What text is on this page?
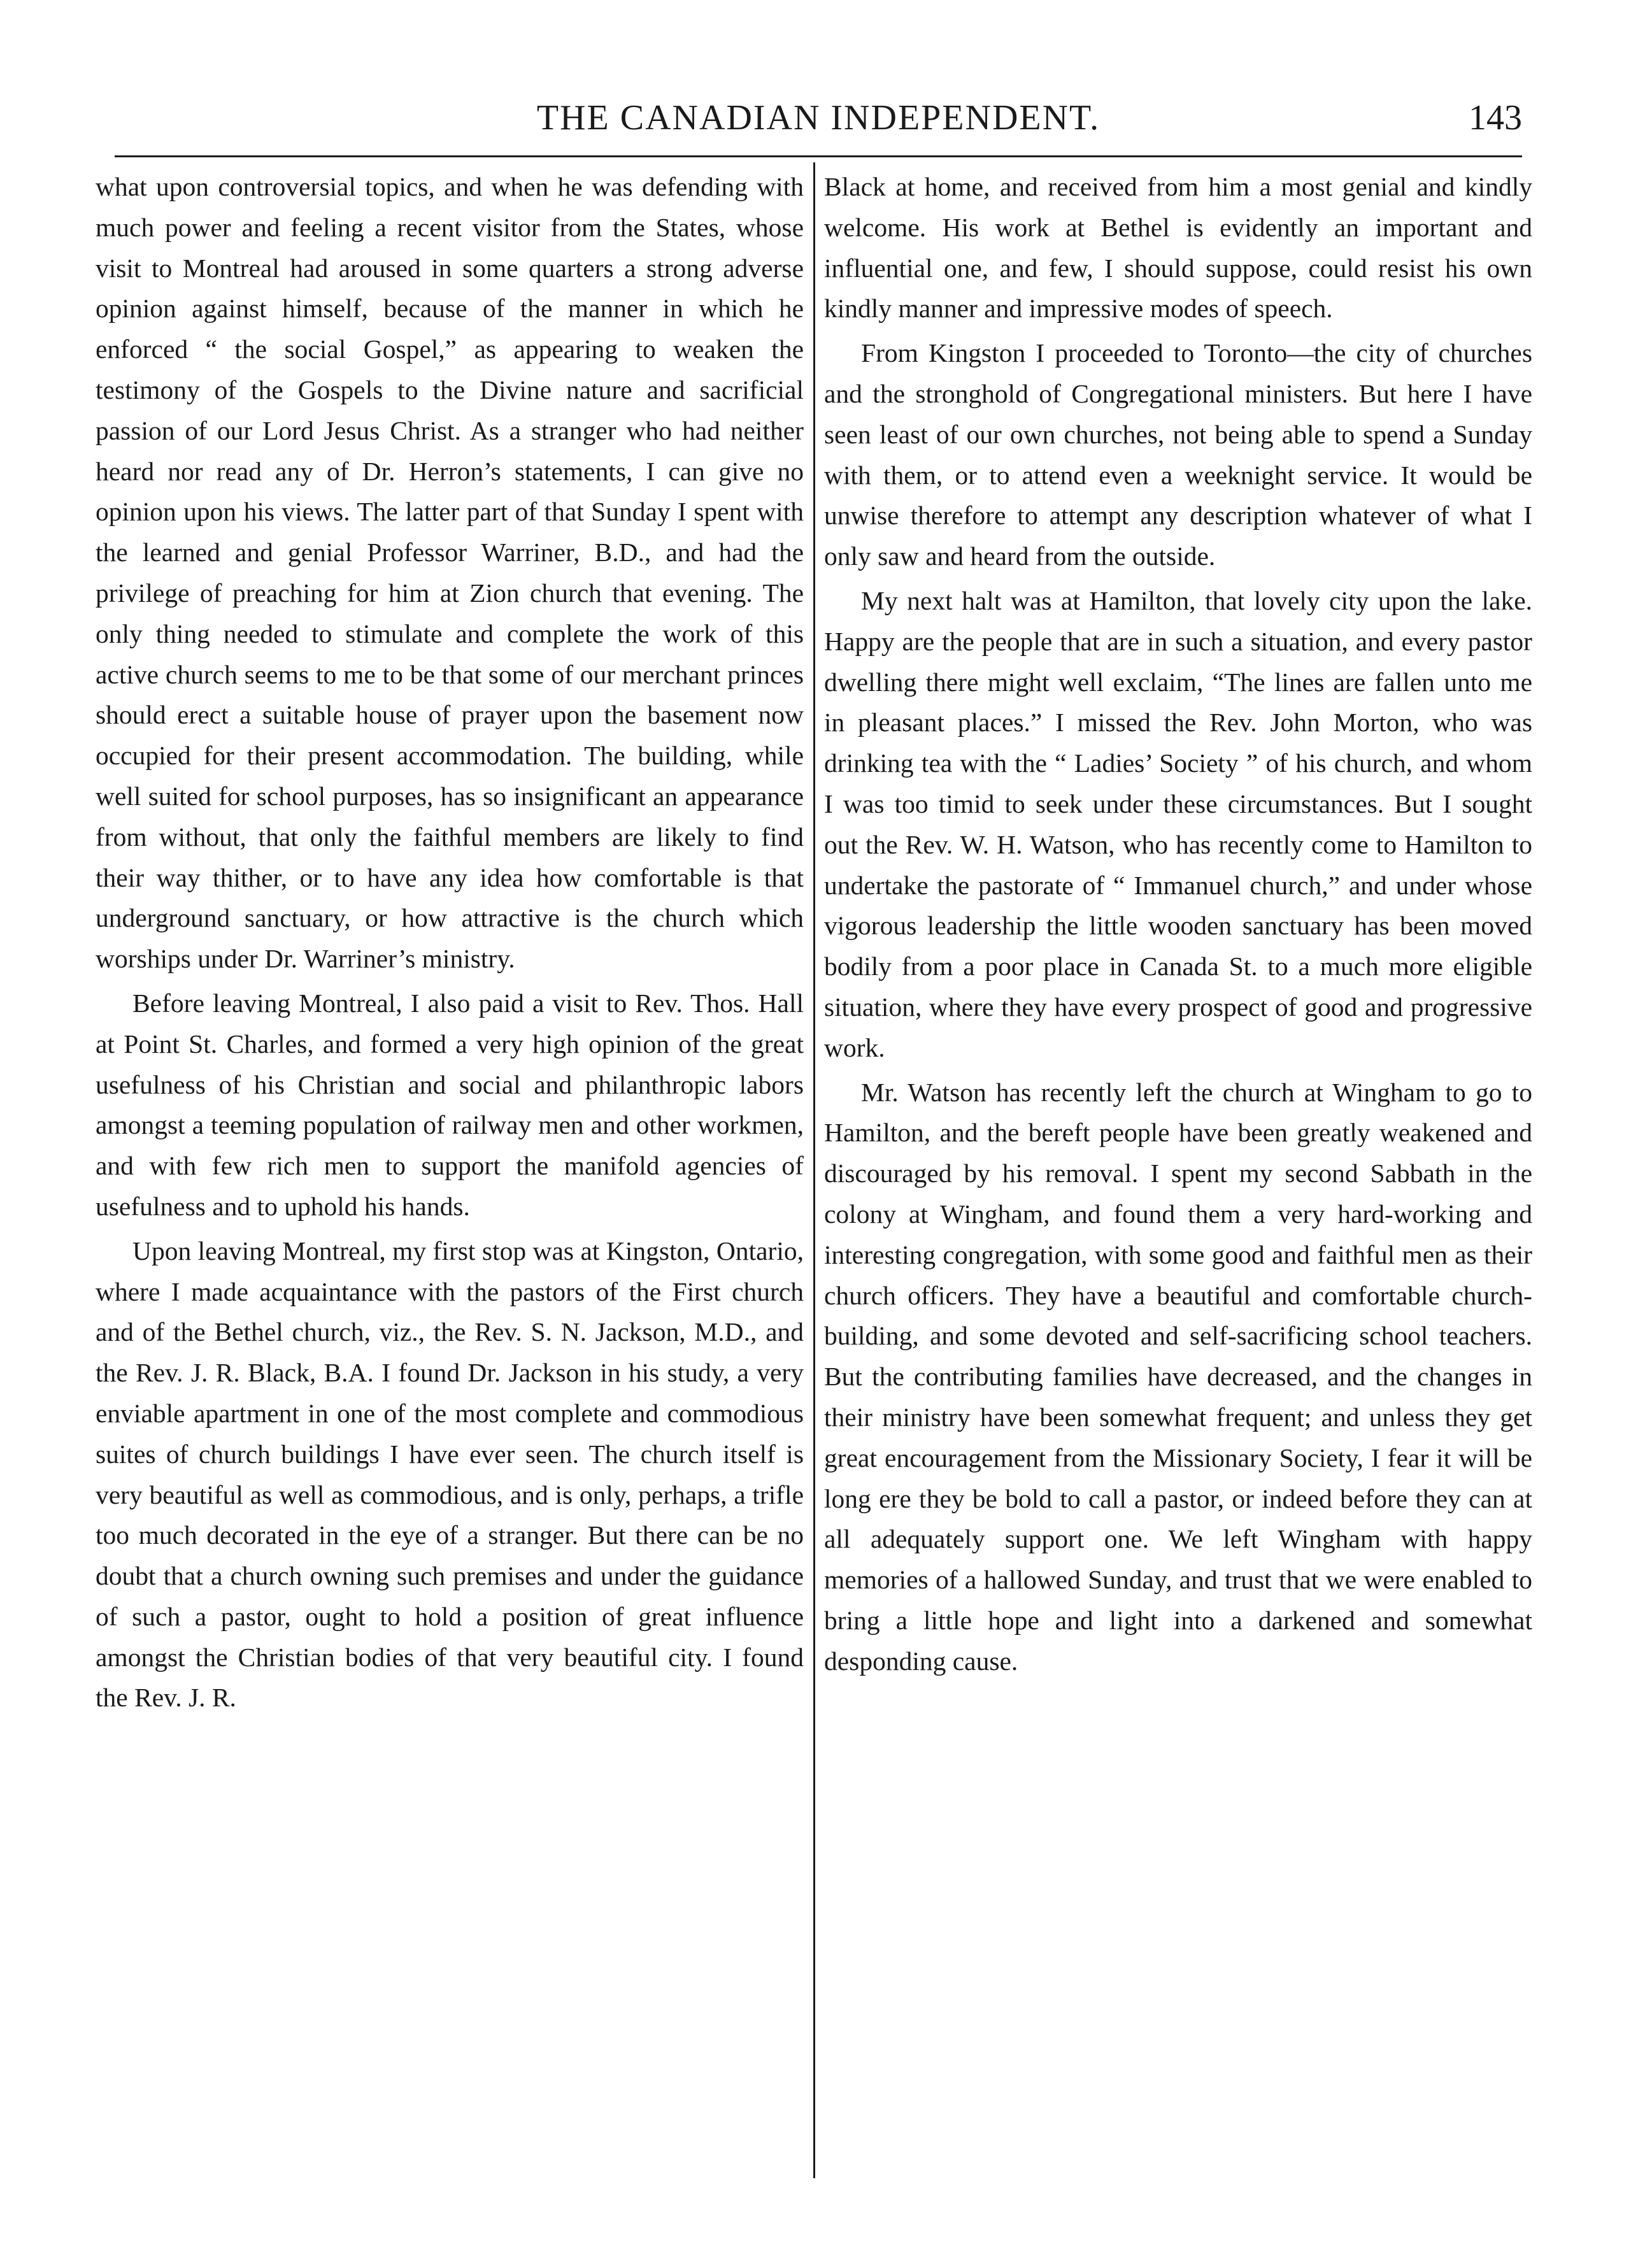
THE CANADIAN INDEPENDENT.	143

what upon controversial topics, and when he was defending with much power and feeling a recent visitor from the States, whose visit to Montreal had aroused in some quarters a strong adverse opinion against himself, because of the manner in which he enforced “ the social Gospel,” as appearing to weaken the testimony of the Gospels to the Divine nature and sacrificial passion of our Lord Jesus Christ. As a stranger who had neither heard nor read any of Dr. Herron’s statements, I can give no opinion upon his views. The latter part of that Sunday I spent with the learned and genial Professor Warriner, B.D., and had the privilege of preaching for him at Zion church that evening. The only thing needed to stimulate and complete the work of this active church seems to me to be that some of our merchant princes should erect a suitable house of prayer upon the basement now occupied for their present accommodation. The building, while well suited for school purposes, has so insignificant an appearance from without, that only the faithful members are likely to find their way thither, or to have any idea how comfortable is that underground sanctuary, or how attractive is the church which worships under Dr. Warriner’s ministry.

Before leaving Montreal, I also paid a visit to Rev. Thos. Hall at Point St. Charles, and formed a very high opinion of the great usefulness of his Christian and social and philanthropic labors amongst a teeming population of railway men and other workmen, and with few rich men to support the manifold agencies of usefulness and to uphold his hands.

Upon leaving Montreal, my first stop was at Kingston, Ontario, where I made acquaintance with the pastors of the First church and of the Bethel church, viz., the Rev. S. N. Jackson, M.D., and the Rev. J. R. Black, B.A. I found Dr. Jackson in his study, a very enviable apartment in one of the most complete and commodious suites of church buildings I have ever seen. The church itself is very beautiful as well as commodious, and is only, perhaps, a trifle too much decorated in the eye of a stranger. But there can be no doubt that a church owning such premises and under the guidance of such a pastor, ought to hold a position of great influence amongst the Christian bodies of that very beautiful city. I found the Rev. J. R.

Black at home, and received from him a most genial and kindly welcome. His work at Bethel is evidently an important and influential one, and few, I should suppose, could resist his own kindly manner and impressive modes of speech.

From Kingston I proceeded to Toronto—the city of churches and the stronghold of Congregational ministers. But here I have seen least of our own churches, not being able to spend a Sunday with them, or to attend even a weeknight service. It would be unwise therefore to attempt any description whatever of what I only saw and heard from the outside.

My next halt was at Hamilton, that lovely city upon the lake. Happy are the people that are in such a situation, and every pastor dwelling there might well exclaim, “The lines are fallen unto me in pleasant places.” I missed the Rev. John Morton, who was drinking tea with the “ Ladies’ Society ” of his church, and whom I was too timid to seek under these circumstances. But I sought out the Rev. W. H. Watson, who has recently come to Hamilton to undertake the pastorate of “ Immanuel church,” and under whose vigorous leadership the little wooden sanctuary has been moved bodily from a poor place in Canada St. to a much more eligible situation, where they have every prospect of good and progressive work.

Mr. Watson has recently left the church at Wingham to go to Hamilton, and the bereft people have been greatly weakened and discouraged by his removal. I spent my second Sabbath in the colony at Wingham, and found them a very hard-working and interesting congregation, with some good and faithful men as their church officers. They have a beautiful and comfortable church-building, and some devoted and self-sacrificing school teachers. But the contributing families have decreased, and the changes in their ministry have been somewhat frequent; and unless they get great encouragement from the Missionary Society, I fear it will be long ere they be bold to call a pastor, or indeed before they can at all adequately support one. We left Wingham with happy memories of a hallowed Sunday, and trust that we were enabled to bring a little hope and light into a darkened and somewhat desponding cause.
